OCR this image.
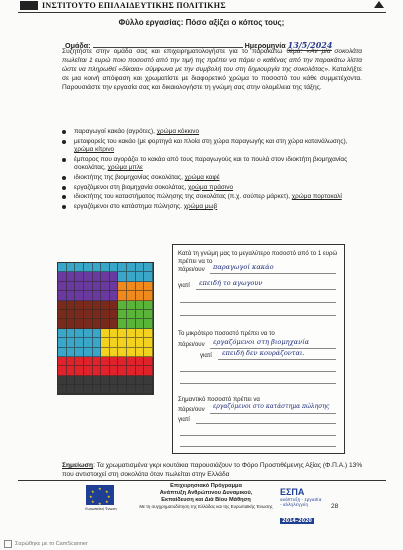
ΙΝΣΤΙΤΟΥΤΟ ΕΠΙΛΑΙΔΕΥΤΙΚΗΣ ΠΟΛΙΤΙΚΗΣ
Φύλλο εργασίας: Πόσο αξίζει ο κόπος τους;
Ομάδα:	Ημερομηνία 13/5/2024
Συζητήστε στην ομάδα σας και επιχειρηματολογήστε για το παρακάτω θέμα: «Αν μία σοκολάτα πωλείται 1 ευρώ ποιο ποσοστό από την τιμή της πρέπει να πάρει ο καθένας από την παρακάτω λίστα ώστε να πληρωθεί «δίκαια» σύμφωνα με την συμβολή του στη δημιουργία της σοκολάτας». Καταλήξτε σε μια κοινή απόφαση και χρωματίστε με διαφορετικό χρώμα το ποσοστό του κάθε συμμετέχοντα. Παρουσιάστε την εργασία σας και δικαιολογήστε τη γνώμη σας στην ολομέλεια της τάξης.
παραγωγοί κακάο (αγρότες), χρώμα κόκκινο
μεταφορείς του κακάο (με φορτηγά και πλοία στη χώρα παραγωγής και στη χώρα κατανάλωσης), χρώμα κίτρινο
έμπορος που αγοράζει το κακάο από τους παραγωγούς και το πουλά στον ιδιοκτήτη βιομηχανίας σοκολάτας, χρώμα μπλε
ιδιοκτήτης της βιομηχανίας σοκολάτας, χρώμα καφέ
εργαζόμενοι στη βιομηχανία σοκολάτας, χρώμα πράσινο
ιδιοκτήτης του καταστήματος πώλησης της σοκολάτας (π.χ. σούπερ μάρκετ), χρώμα πορτοκαλί
εργαζόμενοι στο κατάστημα πώλησης. χρώμα μωβ
Κατά τη γνώμη μας το μεγαλύτερο ποσοστό από το 1 ευρώ πρέπει να το
πάρει/ουν παραγωγοί κακάο
γιατί επειδή το αγωγουν
Το μικρότερο ποσοστό πρέπει να το
πάρει/ουν εργαζόμενοι στη βιομηχανία
γιατί επειδή δεν κουράζονται.
Σημαντικό ποσοστό πρέπει να
πάρει/ουν εργαζόμενοι στο κατάστημα πώλησης
γιατί
Σημείωση: Τα χρωματισμένα γκρι κουτάκια παρουσιάζουν το Φόρο Προστιθέμενης Αξίας (Φ.Π.Α.) 13% που αντιστοιχεί στη σοκολάτα όταν πωλείται στην Ελλάδα
★
★	★
★	★
★	★
★
Ευρωπαϊκή Ένωση
Επιχειρησιακό Πρόγραμμα
Ανάπτυξη Ανθρώπινου Δυναμικού,
Εκπαίδευση και Διά Βίου Μάθηση
Με τη συγχρηματοδότηση της Ελλάδας και της Ευρωπαϊκής Ένωσης
ΕΣΠΑ
ανάπτυξη - εργασία - αλληλεγγύη
2014-2020
28
Σαρώθηκε με το CamScanner
